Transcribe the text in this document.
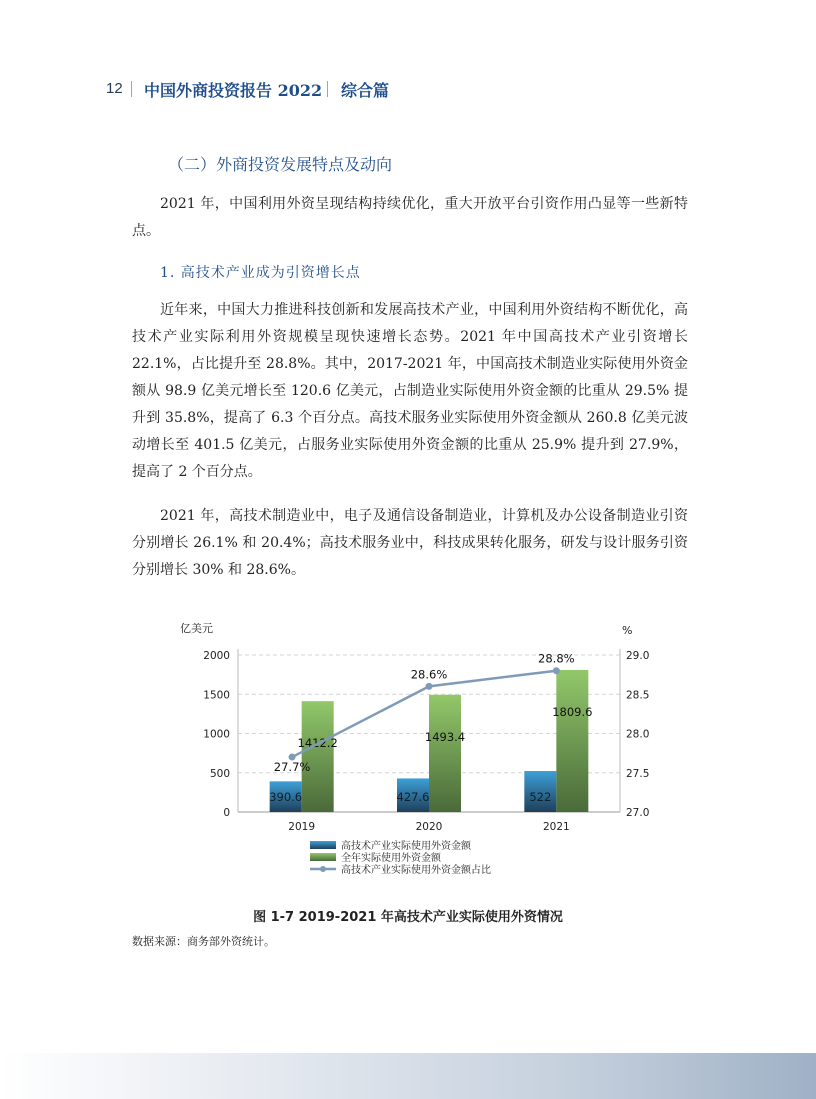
12 中国外商投资报告 2022 综合篇
（二）外商投资发展特点及动向

2021 年，中国利用外资呈现结构持续优化，重大开放平台引资作用凸显等一些新特点。

1. 高技术产业成为引资增长点

近年来，中国大力推进科技创新和发展高技术产业，中国利用外资结构不断优化，高技术产业实际利用外资规模呈现快速增长态势。2021 年中国高技术产业引资增长 22.1%，占比提升至 28.8%。其中，2017-2021 年，中国高技术制造业实际使用外资金额从 98.9 亿美元增长至 120.6 亿美元，占制造业实际使用外资金额的比重从 29.5% 提升到 35.8%，提高了 6.3 个百分点。高技术服务业实际使用外资金额从 260.8 亿美元波动增长至 401.5 亿美元，占服务业实际使用外资金额的比重从 25.9% 提升到 27.9%，提高了 2 个百分点。

2021 年，高技术制造业中，电子及通信设备制造业，计算机及办公设备制造业引资分别增长 26.1% 和 20.4%；高技术服务业中，科技成果转化服务，研发与设计服务引资分别增长 30% 和 28.6%。

亿美元	%
0
500
1000
1500
2000
27.0
27.5
28.0
28.5
29.0
2019	2020	2021
390.6	427.6	522
1412.2	1493.4
1809.6
27.7%
28.6%
28.8%
高技术产业实际使用外资金额
全年实际使用外资金额
高技术产业实际使用外资金额占比
图 1-7 2019-2021 年高技术产业实际使用外资情况
数据来源：商务部外资统计。
